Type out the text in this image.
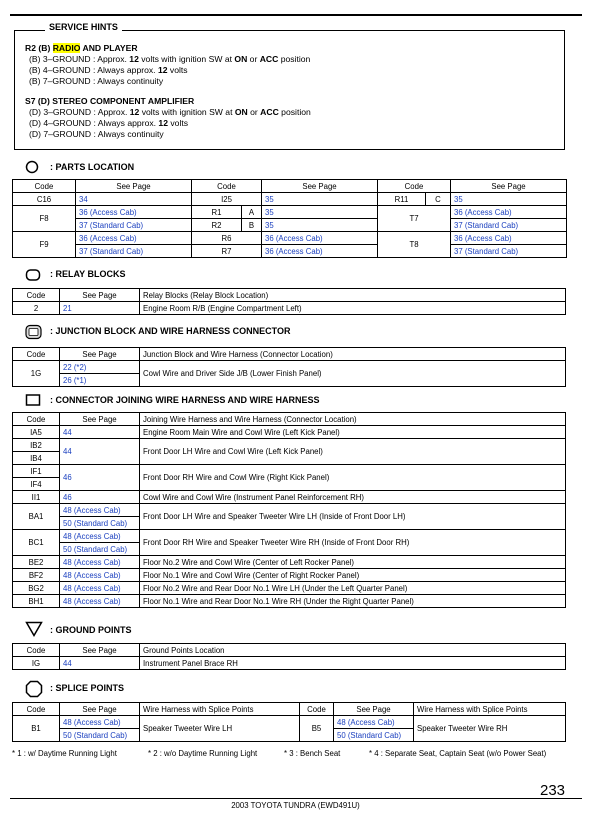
SERVICE HINTS
R2 (B) RADIO AND PLAYER
(B) 3–GROUND : Approx. 12 volts with ignition SW at ON or ACC position
(B) 4–GROUND : Always approx. 12 volts
(B) 7–GROUND : Always continuity
S7 (D) STEREO COMPONENT AMPLIFIER
(D) 3–GROUND : Approx. 12 volts with ignition SW at ON or ACC position
(D) 4–GROUND : Always approx. 12 volts
(D) 7–GROUND : Always continuity
: PARTS LOCATION
Code	See Page	Code		See Page	Code		See Page
C16	34	I25		35	R11	C	35
F8	36 (Access Cab)	R1	A	35	T7		36 (Access Cab)
	37 (Standard Cab)	R2	B	35			37 (Standard Cab)
F9	36 (Access Cab)	R6		36 (Access Cab)	T8		36 (Access Cab)
	37 (Standard Cab)	R7		36 (Access Cab)			37 (Standard Cab)
: RELAY BLOCKS
Code	See Page	Relay Blocks (Relay Block Location)
2	21	Engine Room R/B (Engine Compartment Left)
: JUNCTION BLOCK AND WIRE HARNESS CONNECTOR
Code	See Page	Junction Block and Wire Harness (Connector Location)
1G	22 (*2)	Cowl Wire and Driver Side J/B (Lower Finish Panel)
	26 (*1)	
: CONNECTOR JOINING WIRE HARNESS AND WIRE HARNESS
Code	See Page	Joining Wire Harness and Wire Harness (Connector Location)
IA5	44	Engine Room Main Wire and Cowl Wire (Left Kick Panel)
IB2	44	Front Door LH Wire and Cowl Wire (Left Kick Panel)
IB4		
IF1	46	Front Door RH Wire and Cowl Wire (Right Kick Panel)
IF4		
II1	46	Cowl Wire and Cowl Wire (Instrument Panel Reinforcement RH)
BA1	48 (Access Cab)	Front Door LH Wire and Speaker Tweeter Wire LH (Inside of Front Door LH)
	50 (Standard Cab)	
BC1	48 (Access Cab)	Front Door RH Wire and Speaker Tweeter Wire RH (Inside of Front Door RH)
	50 (Standard Cab)	
BE2	48 (Access Cab)	Floor No.2 Wire and Cowl Wire (Center of Left Rocker Panel)
BF2	48 (Access Cab)	Floor No.1 Wire and Cowl Wire (Center of Right Rocker Panel)
BG2	48 (Access Cab)	Floor No.2 Wire and Rear Door No.1 Wire LH (Under the Left Quarter Panel)
BH1	48 (Access Cab)	Floor No.1 Wire and Rear Door No.1 Wire RH (Under the Right Quarter Panel)
: GROUND POINTS
Code	See Page	Ground Points Location
IG	44	Instrument Panel Brace RH
: SPLICE POINTS
Code	See Page	Wire Harness with Splice Points	Code	See Page	Wire Harness with Splice Points
B1	48 (Access Cab)	Speaker Tweeter Wire LH	B5	48 (Access Cab)	Speaker Tweeter Wire RH
	50 (Standard Cab)			50 (Standard Cab)	
* 1 : w/ Daytime Running Light	* 2 : w/o Daytime Running Light	* 3 : Bench Seat	* 4 : Separate Seat, Captain Seat (w/o Power Seat)
233
2003 TOYOTA TUNDRA (EWD491U)
